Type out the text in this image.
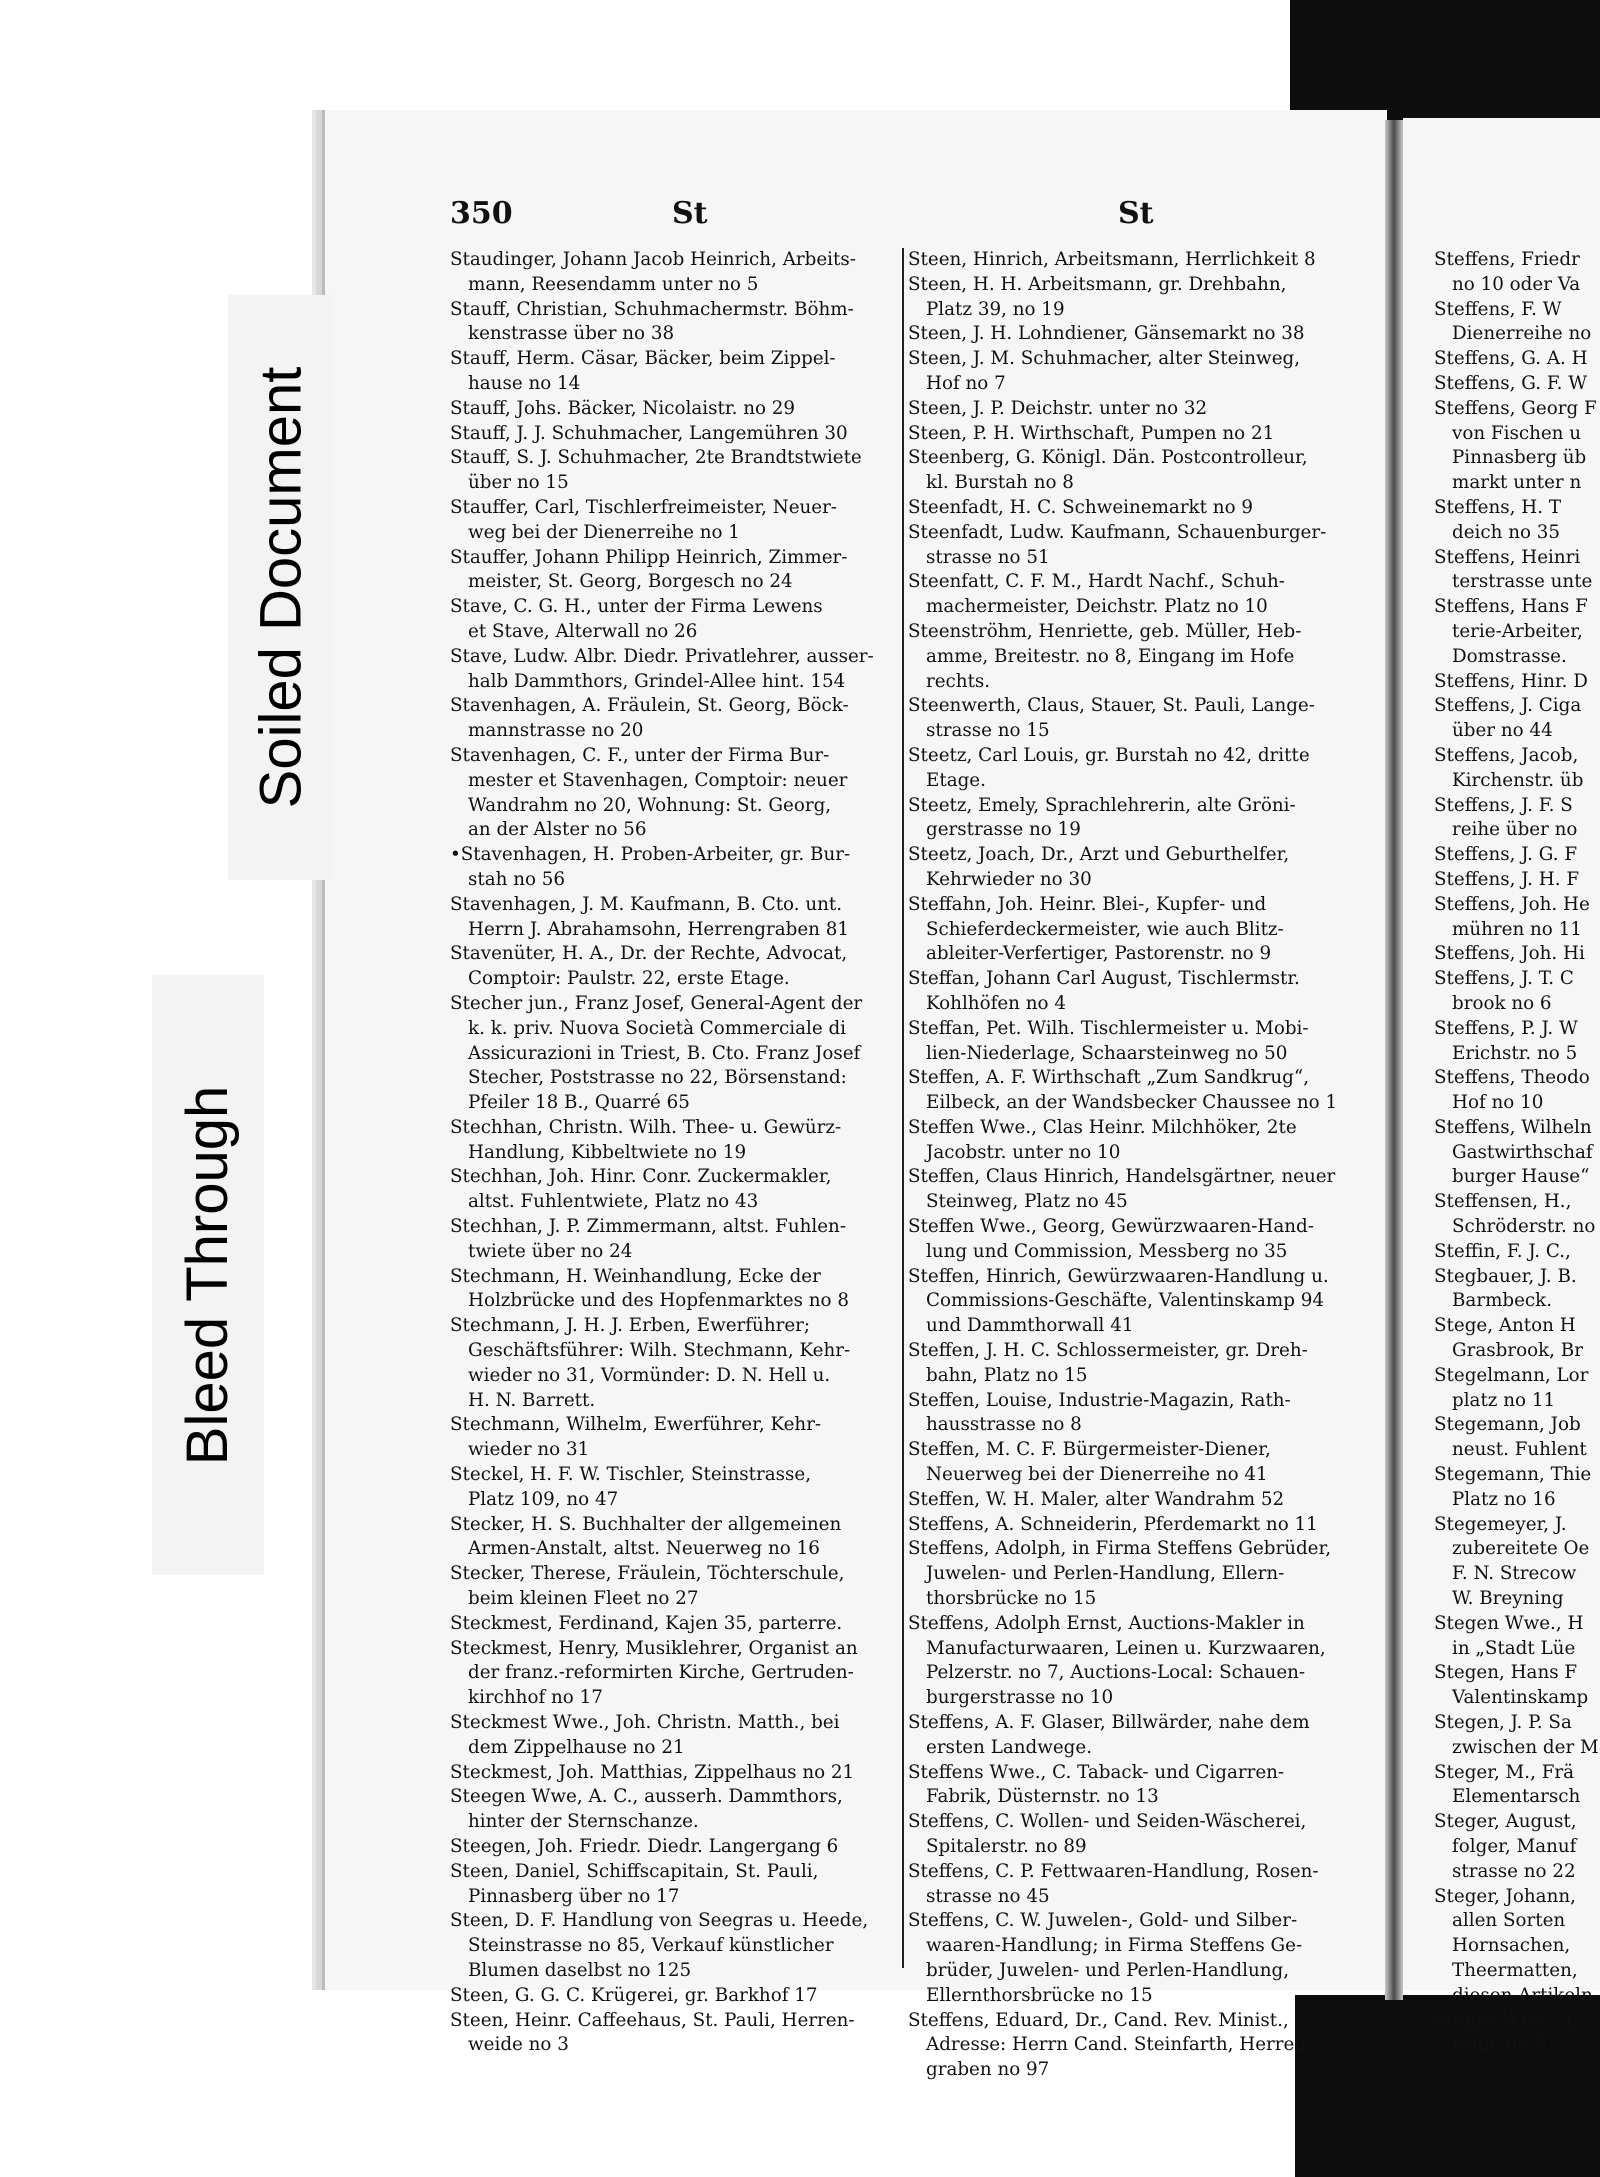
Soiled Document
Bleed Through
350	St	St
Staudinger, Johann Jacob Heinrich, Arbeits-
mann, Reesendamm unter no 5
Stauff, Christian, Schuhmachermstr. Böhm-
kenstrasse über no 38
Stauff, Herm. Cäsar, Bäcker, beim Zippel-
hause no 14
Stauff, Johs. Bäcker, Nicolaistr. no 29
Stauff, J. J. Schuhmacher, Langemühren 30
Stauff, S. J. Schuhmacher, 2te Brandtstwiete
über no 15
Stauffer, Carl, Tischlerfreimeister, Neuer-
weg bei der Dienerreihe no 1
Stauffer, Johann Philipp Heinrich, Zimmer-
meister, St. Georg, Borgesch no 24
Stave, C. G. H., unter der Firma Lewens
et Stave, Alterwall no 26
Stave, Ludw. Albr. Diedr. Privatlehrer, ausser-
halb Dammthors, Grindel-Allee hint. 154
Stavenhagen, A. Fräulein, St. Georg, Böck-
mannstrasse no 20
Stavenhagen, C. F., unter der Firma Bur-
mester et Stavenhagen, Comptoir: neuer
Wandrahm no 20, Wohnung: St. Georg,
an der Alster no 56
•Stavenhagen, H. Proben-Arbeiter, gr. Bur-
stah no 56
Stavenhagen, J. M. Kaufmann, B. Cto. unt.
Herrn J. Abrahamsohn, Herrengraben 81
Stavenüter, H. A., Dr. der Rechte, Advocat,
Comptoir: Paulstr. 22, erste Etage.
Stecher jun., Franz Josef, General-Agent der
k. k. priv. Nuova Società Commerciale di
Assicurazioni in Triest, B. Cto. Franz Josef
Stecher, Poststrasse no 22, Börsenstand:
Pfeiler 18 B., Quarré 65
Stechhan, Christn. Wilh. Thee- u. Gewürz-
Handlung, Kibbeltwiete no 19
Stechhan, Joh. Hinr. Conr. Zuckermakler,
altst. Fuhlentwiete, Platz no 43
Stechhan, J. P. Zimmermann, altst. Fuhlen-
twiete über no 24
Stechmann, H. Weinhandlung, Ecke der
Holzbrücke und des Hopfenmarktes no 8
Stechmann, J. H. J. Erben, Ewerführer;
Geschäftsführer: Wilh. Stechmann, Kehr-
wieder no 31, Vormünder: D. N. Hell u.
H. N. Barrett.
Stechmann, Wilhelm, Ewerführer, Kehr-
wieder no 31
Steckel, H. F. W. Tischler, Steinstrasse,
Platz 109, no 47
Stecker, H. S. Buchhalter der allgemeinen
Armen-Anstalt, altst. Neuerweg no 16
Stecker, Therese, Fräulein, Töchterschule,
beim kleinen Fleet no 27
Steckmest, Ferdinand, Kajen 35, parterre.
Steckmest, Henry, Musiklehrer, Organist an
der franz.-reformirten Kirche, Gertruden-
kirchhof no 17
Steckmest Wwe., Joh. Christn. Matth., bei
dem Zippelhause no 21
Steckmest, Joh. Matthias, Zippelhaus no 21
Steegen Wwe, A. C., ausserh. Dammthors,
hinter der Sternschanze.
Steegen, Joh. Friedr. Diedr. Langergang 6
Steen, Daniel, Schiffscapitain, St. Pauli,
Pinnasberg über no 17
Steen, D. F. Handlung von Seegras u. Heede,
Steinstrasse no 85, Verkauf künstlicher
Blumen daselbst no 125
Steen, G. G. C. Krügerei, gr. Barkhof 17
Steen, Heinr. Caffeehaus, St. Pauli, Herren-
weide no 3
Steen, Hinrich, Arbeitsmann, Herrlichkeit 8
Steen, H. H. Arbeitsmann, gr. Drehbahn,
Platz 39, no 19
Steen, J. H. Lohndiener, Gänsemarkt no 38
Steen, J. M. Schuhmacher, alter Steinweg,
Hof no 7
Steen, J. P. Deichstr. unter no 32
Steen, P. H. Wirthschaft, Pumpen no 21
Steenberg, G. Königl. Dän. Postcontrolleur,
kl. Burstah no 8
Steenfadt, H. C. Schweinemarkt no 9
Steenfadt, Ludw. Kaufmann, Schauenburger-
strasse no 51
Steenfatt, C. F. M., Hardt Nachf., Schuh-
machermeister, Deichstr. Platz no 10
Steenströhm, Henriette, geb. Müller, Heb-
amme, Breitestr. no 8, Eingang im Hofe
rechts.
Steenwerth, Claus, Stauer, St. Pauli, Lange-
strasse no 15
Steetz, Carl Louis, gr. Burstah no 42, dritte
Etage.
Steetz, Emely, Sprachlehrerin, alte Gröni-
gerstrasse no 19
Steetz, Joach, Dr., Arzt und Geburthelfer,
Kehrwieder no 30
Steffahn, Joh. Heinr. Blei-, Kupfer- und
Schieferdeckermeister, wie auch Blitz-
ableiter-Verfertiger, Pastorenstr. no 9
Steffan, Johann Carl August, Tischlermstr.
Kohlhöfen no 4
Steffan, Pet. Wilh. Tischlermeister u. Mobi-
lien-Niederlage, Schaarsteinweg no 50
Steffen, A. F. Wirthschaft „Zum Sandkrug“,
Eilbeck, an der Wandsbecker Chaussee no 1
Steffen Wwe., Clas Heinr. Milchhöker, 2te
Jacobstr. unter no 10
Steffen, Claus Hinrich, Handelsgärtner, neuer
Steinweg, Platz no 45
Steffen Wwe., Georg, Gewürzwaaren-Hand-
lung und Commission, Messberg no 35
Steffen, Hinrich, Gewürzwaaren-Handlung u.
Commissions-Geschäfte, Valentinskamp 94
und Dammthorwall 41
Steffen, J. H. C. Schlossermeister, gr. Dreh-
bahn, Platz no 15
Steffen, Louise, Industrie-Magazin, Rath-
hausstrasse no 8
Steffen, M. C. F. Bürgermeister-Diener,
Neuerweg bei der Dienerreihe no 41
Steffen, W. H. Maler, alter Wandrahm 52
Steffens, A. Schneiderin, Pferdemarkt no 11
Steffens, Adolph, in Firma Steffens Gebrüder,
Juwelen- und Perlen-Handlung, Ellern-
thorsbrücke no 15
Steffens, Adolph Ernst, Auctions-Makler in
Manufacturwaaren, Leinen u. Kurzwaaren,
Pelzerstr. no 7, Auctions-Local: Schauen-
burgerstrasse no 10
Steffens, A. F. Glaser, Billwärder, nahe dem
ersten Landwege.
Steffens Wwe., C. Taback- und Cigarren-
Fabrik, Düsternstr. no 13
Steffens, C. Wollen- und Seiden-Wäscherei,
Spitalerstr. no 89
Steffens, C. P. Fettwaaren-Handlung, Rosen-
strasse no 45
Steffens, C. W. Juwelen-, Gold- und Silber-
waaren-Handlung; in Firma Steffens Ge-
brüder, Juwelen- und Perlen-Handlung,
Ellernthorsbrücke no 15
Steffens, Eduard, Dr., Cand. Rev. Minist.,
Adresse: Herrn Cand. Steinfarth, Herren-
graben no 97
Steffens, Friedr
no 10 oder Va
Steffens, F. W
Dienerreihe no
Steffens, G. A. H
Steffens, G. F. W
Steffens, Georg F
von Fischen u
Pinnasberg üb
markt unter n
Steffens, H. T
deich no 35
Steffens, Heinri
terstrasse unte
Steffens, Hans F
terie-Arbeiter,
Domstrasse.
Steffens, Hinr. D
Steffens, J. Ciga
über no 44
Steffens, Jacob,
Kirchenstr. üb
Steffens, J. F. S
reihe über no
Steffens, J. G. F
Steffens, J. H. F
Steffens, Joh. He
mühren no 11
Steffens, Joh. Hi
Steffens, J. T. C
brook no 6
Steffens, P. J. W
Erichstr. no 5
Steffens, Theodo
Hof no 10
Steffens, Wilheln
Gastwirthschaf
burger Hause“
Steffensen, H.,
Schröderstr. no
Steffin, F. J. C.,
Stegbauer, J. B.
Barmbeck.
Stege, Anton H
Grasbrook, Br
Stegelmann, Lor
platz no 11
Stegemann, Job
neust. Fuhlent
Stegemann, Thie
Platz no 16
Stegemeyer, J.
zubereitete Oe
F. N. Strесow
W. Breyning
Stegen Wwe., H
in „Stadt Lüe
Stegen, Hans F
Valentinskamp
Stegen, J. P. Sa
zwischen der M
Steger, M., Frä
Elementarsch
Steger, August,
folger, Manuf
strasse no 22
Steger, Johann,
allen Sorten
Hornsachen,
Theermatten,
diesen Artikeln
Steger Wwe., J.
reihe no 51
